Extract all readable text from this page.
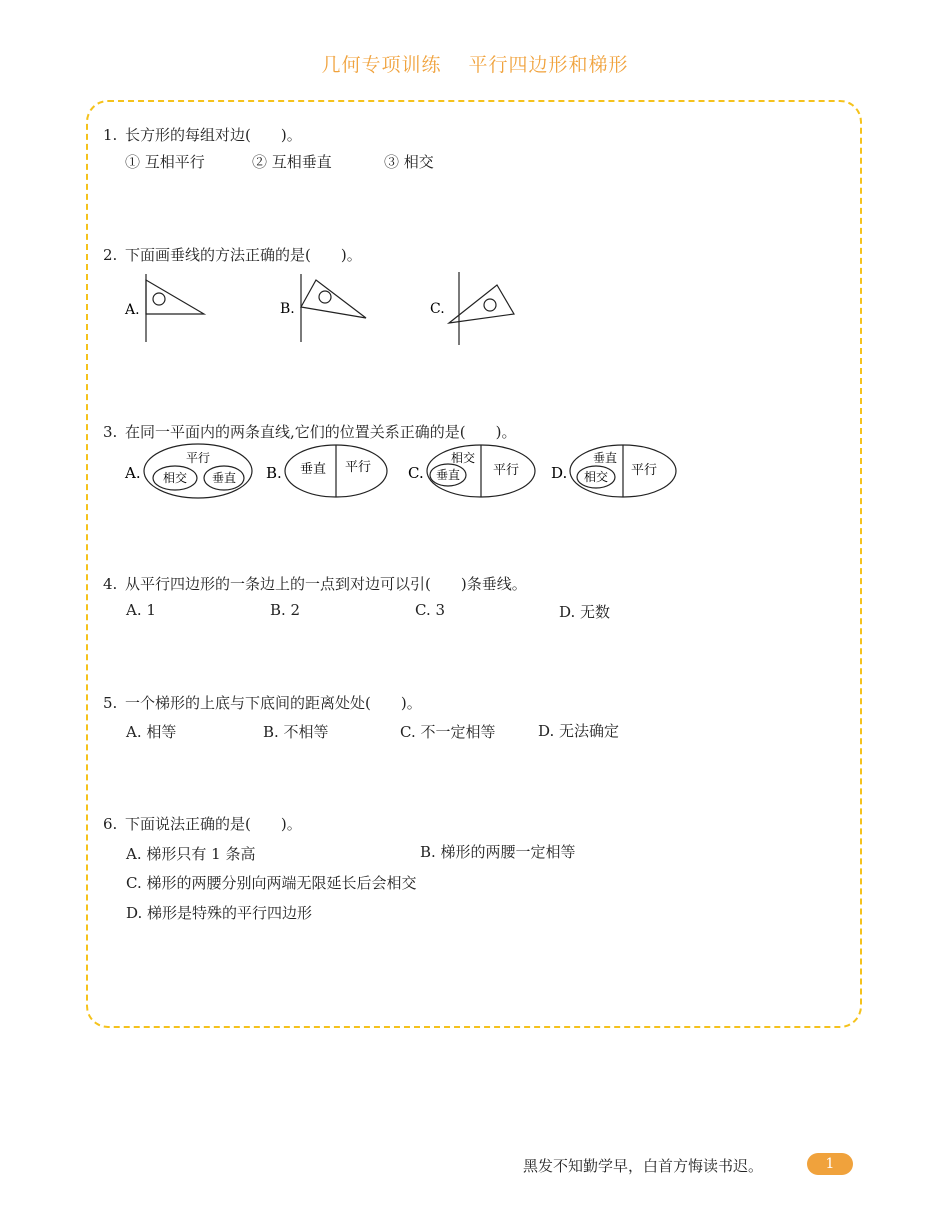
几何专项训练 平行四边形和梯形
1. 长方形的每组对边(　　)。
① 互相平行	② 互相垂直	③ 相交
2. 下面画垂线的方法正确的是(　　)。
A.	B.	C.
3. 在同一平面内的两条直线,它们的位置关系正确的是(　　)。
A.
平行
相交 垂直 B. 垂直 平行 C.
相交
垂直	平行 D.
垂直
相交 平行
4. 从平行四边形的一条边上的一点到对边可以引(　　)条垂线。
A. 1	B. 2	C. 3	D. 无数
5. 一个梯形的上底与下底间的距离处处(　　)。
A. 相等	B. 不相等	C. 不一定相等	D. 无法确定
6. 下面说法正确的是(　　)。
A. 梯形只有 1 条高	B. 梯形的两腰一定相等
C. 梯形的两腰分别向两端无限延长后会相交
D. 梯形是特殊的平行四边形
黑发不知勤学早，白首方悔读书迟。	1
